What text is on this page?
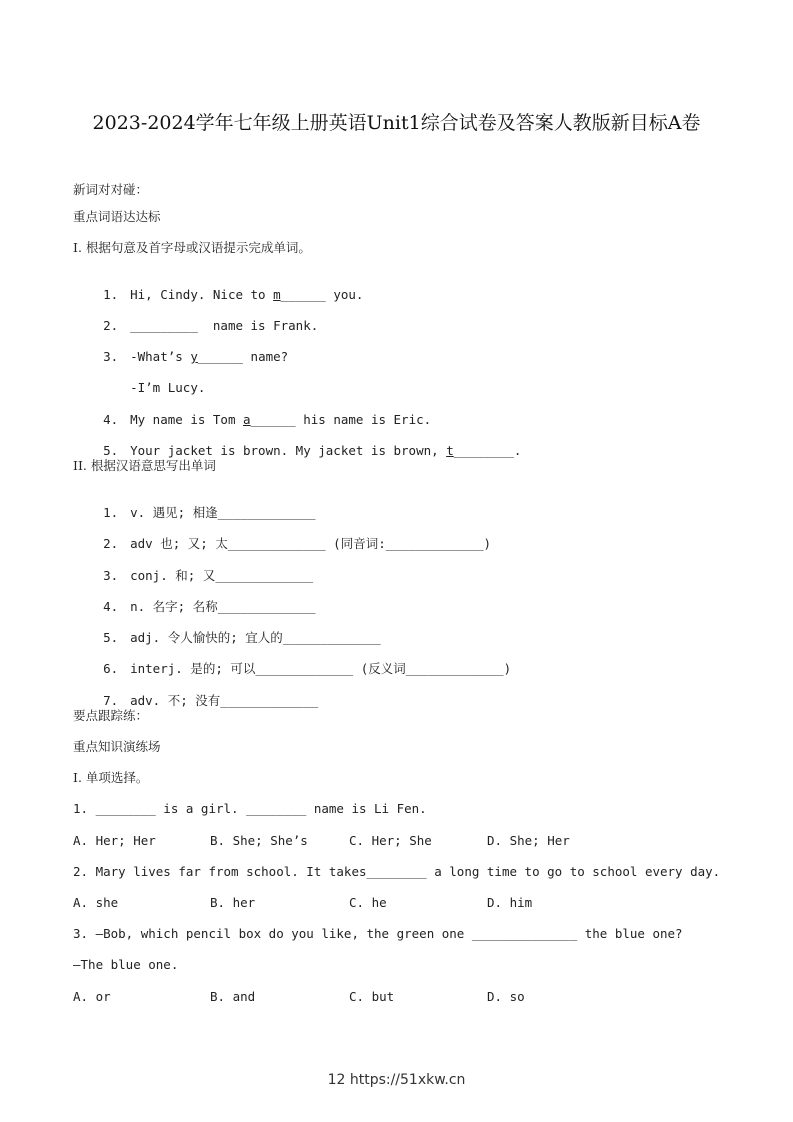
2023-2024学年七年级上册英语Unit1综合试卷及答案人教版新目标A卷
新词对对碰：
重点词语达达标
I. 根据句意及首字母或汉语提示完成单词。

1. Hi, Cindy. Nice to m______ you.

2. _________  name is Frank.

3. -What’s y______ name?

-I’m Lucy.

4. My name is Tom a______ his name is Eric.

5. Your jacket is brown. My jacket is brown, t________.

II. 根据汉语意思写出单词

1. v. 遇见; 相逢_____________

2. adv 也; 又; 太_____________ (同音词:_____________)

3. conj. 和; 又_____________

4. n. 名字; 名称_____________

5. adj. 令人愉快的; 宜人的_____________

6. interj. 是的; 可以_____________ (反义词_____________)

7. adv. 不; 没有_____________

要点跟踪练：
重点知识演练场
I. 单项选择。
1. ________ is a girl. ________ name is Li Fen.

A. Her; Her

	B. She; She’s

	C. Her; She

	D. She; Her

2. Mary lives far from school. It takes________ a long time to go to school every day.

A. she

	B. her

	C. he

	D. him

3. —Bob, which pencil box do you like, the green one ______________ the blue one?
—The blue one.

A. or

	B. and

	C. but

	D. so

12 https://51xkw.cn
